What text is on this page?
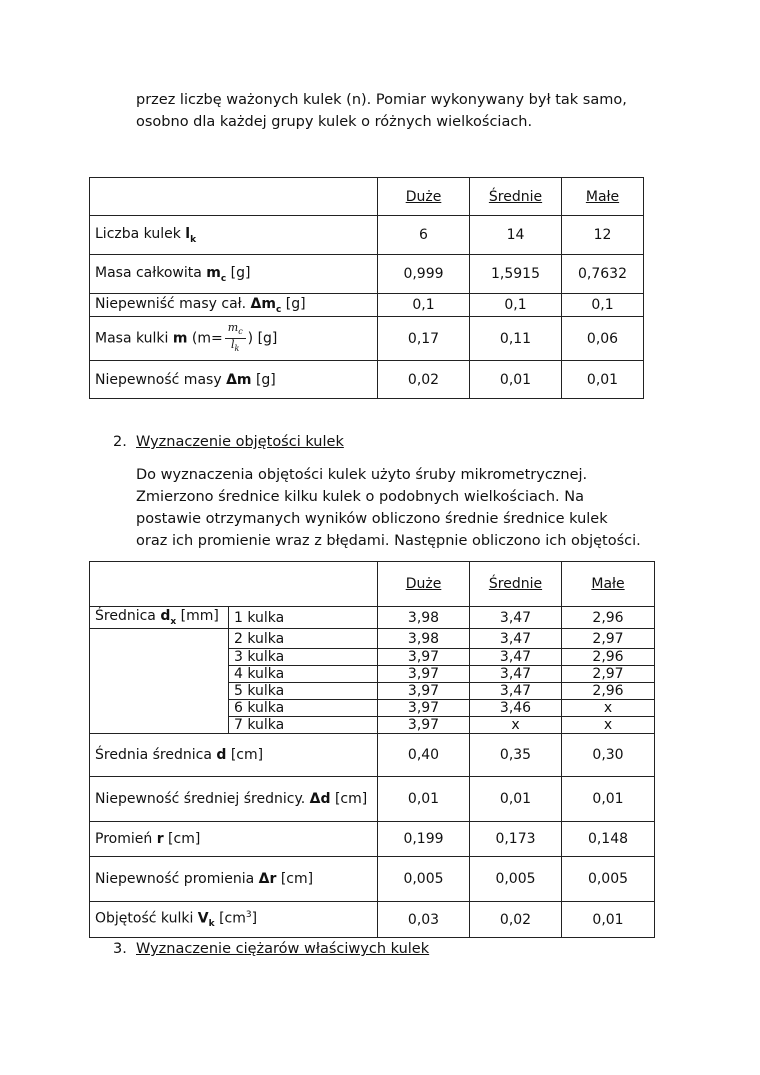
przez liczbę ważonych kulek (n). Pomiar wykonywany był tak samo,
osobno dla każdej grupy kulek o różnych wielkościach.

	Duże	Średnie	Małe
Liczba kulek $l_k$	6	14	12
Masa całkowita $m_c$ [g]	0,999	1,5915	0,7632
Niepewniść masy cał. $\Delta m_c$ [g]	0,1	0,1	0,1
Masa kulki m ($m= \frac{m_c}{l_k}$ ) [g]	0,17	0,11	0,06
Niepewność masy Δm [g]	0,02	0,01	0,01
2. Wyznaczenie objętości kulek

Do wyznaczenia objętości kulek użyto śruby mikrometrycznej.
Zmierzono średnice kilku kulek o podobnych wielkościach. Na
postawie otrzymanych wyników obliczono średnie średnice kulek
oraz ich promienie wraz z błędami. Następnie obliczono ich objętości.

		Duże	Średnie	Małe
Średnica $d_x$ [mm]	1 kulka	3,98	3,47	2,96
	2 kulka	3,98	3,47	2,97
	3 kulka	3,97	3,47	2,96
	4 kulka	3,97	3,47	2,97
	5 kulka	3,97	3,47	2,96
	6 kulka	3,97	3,46	x
	7 kulka	3,97	x	x
Średnia średnica d [cm]		0,40	0,35	0,30
Niepewność średniej średnicy. Δd [cm]		0,01	0,01	0,01
Promień r [cm]		0,199	0,173	0,148
Niepewność promienia Δr [cm]		0,005	0,005	0,005
Objętość kulki $V_k$ $[cm^3]$		0,03	0,02	0,01
3. Wyznaczenie ciężarów właściwych kulek
